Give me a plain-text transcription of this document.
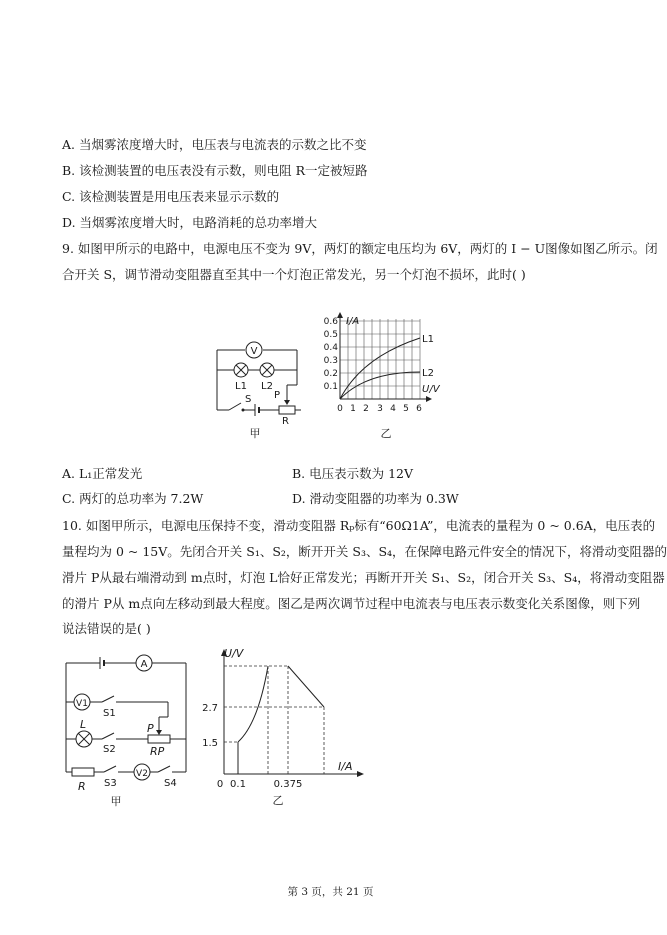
A. 当烟雾浓度增大时，电压表与电流表的示数之比不变
B. 该检测装置的电压表没有示数，则电阻 R一定被短路
C. 该检测装置是用电压表来显示示数的
D. 当烟雾浓度增大时，电路消耗的总功率增大
9. 如图甲所示的电路中，电源电压不变为 9V，两灯的额定电压均为 6V，两灯的 I − U图像如图乙所示。闭
合开关 S，调节滑动变阻器直至其中一个灯泡正常发光，另一个灯泡不损坏，此时( )
V
L1 L2
S P
R
甲
I/A
U/V
0.1
0.2
0.3
0.4
0.5
0.6
0 1 2 3 4 5 6
L1
L2
乙
A. L₁正常发光	B. 电压表示数为 12V
C. 两灯的总功率为 7.2W	D. 滑动变阻器的功率为 0.3W
10. 如图甲所示，电源电压保持不变，滑动变阻器 Rₚ标有“60Ω1A”，电流表的量程为 0 ~ 0.6A，电压表的
量程均为 0 ~ 15V。先闭合开关 S₁、S₂，断开开关 S₃、S₄，在保障电路元件安全的情况下，将滑动变阻器的
滑片 P从最右端滑动到 m点时，灯泡 L恰好正常发光；再断开开关 S₁、S₂，闭合开关 S₃、S₄，将滑动变阻器
的滑片 P从 m点向左移动到最大程度。图乙是两次调节过程中电流表与电压表示数变化关系图像，则下列
说法错误的是( )
A
V1
S1
L
S2
P
RP
R S3
V2
S4
甲
U/V
I/A
2.7
1.5
0 0.1	0.375
乙
第 3 页，共 21 页
